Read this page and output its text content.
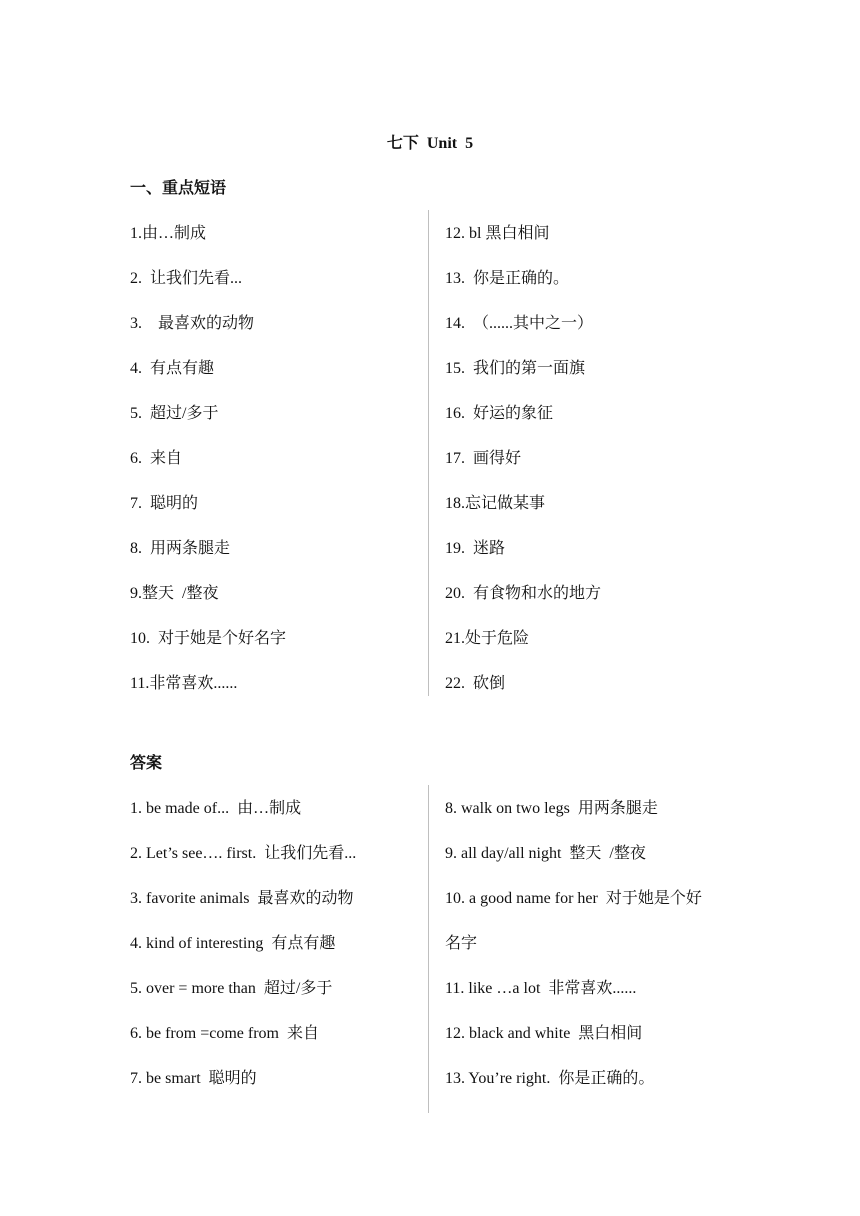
七下  Unit  5
一、重点短语
1.由…制成
2.  让我们先看...
3.    最喜欢的动物
4.  有点有趣
5.  超过/多于
6.  来自
7.  聪明的
8.  用两条腿走
9.整天  /整夜
10.  对于她是个好名字
11.非常喜欢......
12. bl 黑白相间
13.  你是正确的。
14.  （......其中之一）
15.  我们的第一面旗
16.  好运的象征
17.  画得好
18.忘记做某事
19.  迷路
20.  有食物和水的地方
21.处于危险
22.  砍倒
答案
1. be made of...  由…制成
2. Let’s see…. first.  让我们先看...
3. favorite animals  最喜欢的动物
4. kind of interesting  有点有趣
5. over = more than  超过/多于
6. be from =come from  来自
7. be smart  聪明的
8. walk on two legs  用两条腿走
9. all day/all night  整天  /整夜
10. a good name for her  对于她是个好
名字
11. like …a lot  非常喜欢......
12. black and white  黑白相间
13. You’re right.  你是正确的。
